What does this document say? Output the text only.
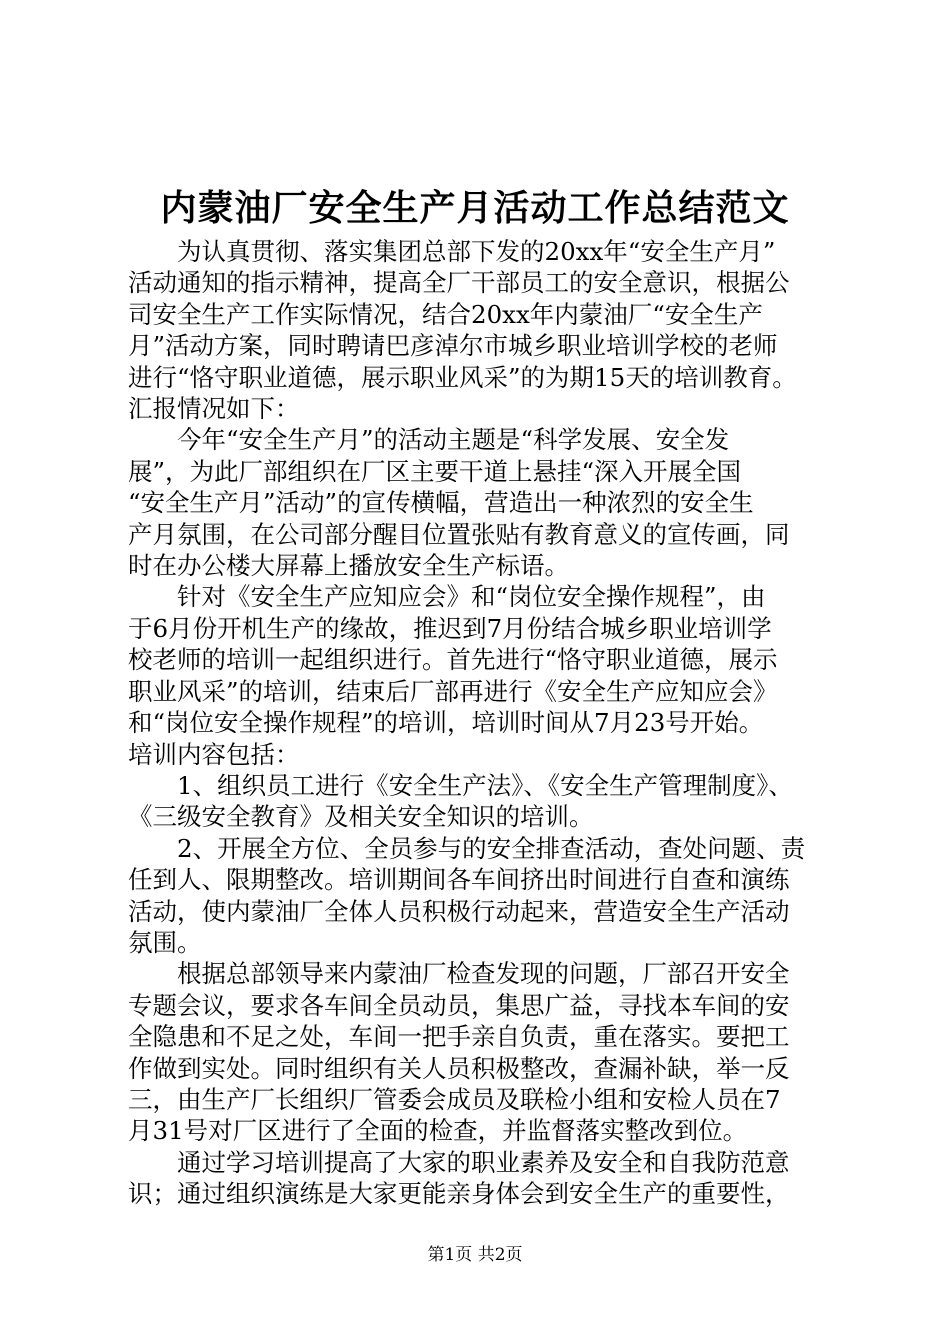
内蒙油厂安全生产月活动工作总结范文

　　为认真贯彻、落实集团总部下发的20xx年“安全生产月”
活动通知的指示精神，提高全厂干部员工的安全意识，根据公
司安全生产工作实际情况，结合20xx年内蒙油厂“安全生产
月”活动方案，同时聘请巴彦淖尔市城乡职业培训学校的老师
进行“恪守职业道德，展示职业风采”的为期15天的培训教育。
汇报情况如下：

　　今年“安全生产月”的活动主题是“科学发展、安全发
展”，为此厂部组织在厂区主要干道上悬挂“深入开展全国
“安全生产月”活动”的宣传横幅，营造出一种浓烈的安全生
产月氛围，在公司部分醒目位置张贴有教育意义的宣传画，同
时在办公楼大屏幕上播放安全生产标语。

　　针对《安全生产应知应会》和“岗位安全操作规程”，由
于6月份开机生产的缘故，推迟到7月份结合城乡职业培训学
校老师的培训一起组织进行。首先进行“恪守职业道德，展示
职业风采”的培训，结束后厂部再进行《安全生产应知应会》
和“岗位安全操作规程”的培训，培训时间从7月23号开始。
培训内容包括：

　　1、组织员工进行《安全生产法》、《安全生产管理制度》、
《三级安全教育》及相关安全知识的培训。

　　2、开展全方位、全员参与的安全排查活动，查处问题、责
任到人、限期整改。培训期间各车间挤出时间进行自查和演练
活动，使内蒙油厂全体人员积极行动起来，营造安全生产活动
氛围。

　　根据总部领导来内蒙油厂检查发现的问题，厂部召开安全
专题会议，要求各车间全员动员，集思广益，寻找本车间的安
全隐患和不足之处，车间一把手亲自负责，重在落实。要把工
作做到实处。同时组织有关人员积极整改，查漏补缺，举一反
三，由生产厂长组织厂管委会成员及联检小组和安检人员在7
月31号对厂区进行了全面的检查，并监督落实整改到位。

　　通过学习培训提高了大家的职业素养及安全和自我防范意
识；通过组织演练是大家更能亲身体会到安全生产的重要性，

第1页 共2页
